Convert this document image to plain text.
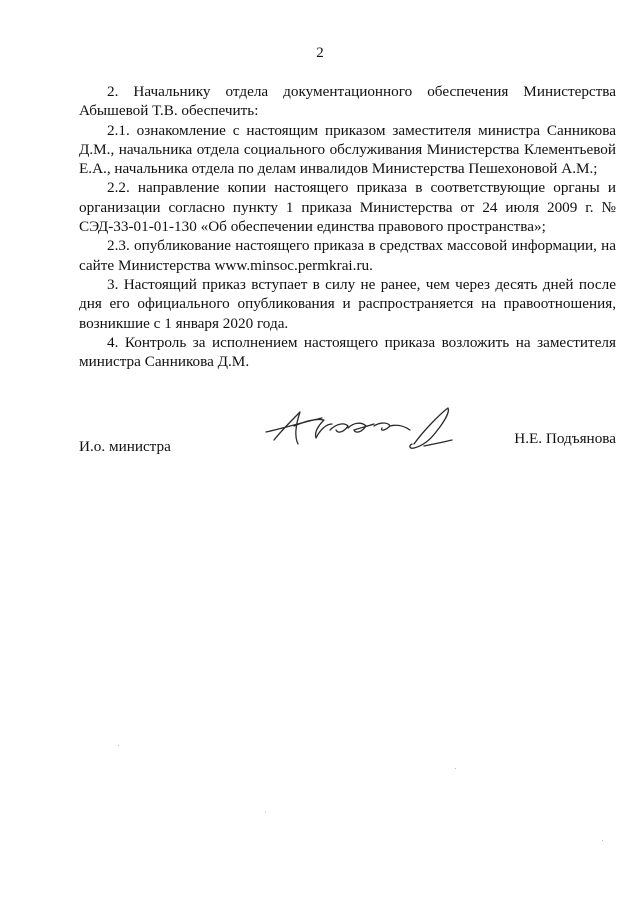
2

2. Начальнику отдела документационного обеспечения Министерства Абышевой Т.В. обеспечить:

2.1. ознакомление с настоящим приказом заместителя министра Санникова Д.М., начальника отдела социального обслуживания Министерства Клементьевой Е.А., начальника отдела по делам инвалидов Министерства Пешехоновой А.М.;

2.2. направление копии настоящего приказа в соответствующие органы и организации согласно пункту 1 приказа Министерства от 24 июля 2009 г. № СЭД-33-01-01-130 «Об обеспечении единства правового пространства»;

2.3. опубликование настоящего приказа в средствах массовой информации, на сайте Министерства www.minsoc.permkrai.ru.

3. Настоящий приказ вступает в силу не ранее, чем через десять дней после дня его официального опубликования и распространяется на правоотношения, возникшие с 1 января 2020 года.

4. Контроль за исполнением настоящего приказа возложить на заместителя министра Санникова Д.М.

И.о. министра	Н.Е. Подъянова
